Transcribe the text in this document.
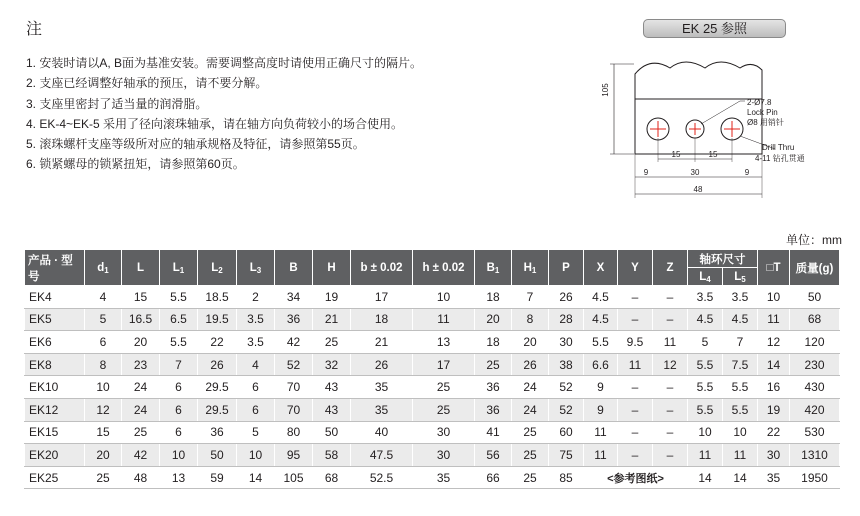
注
1. 安装时请以A, B面为基准安装。需要调整高度时请使用正确尺寸的隔片。
2. 支座已经调整好轴承的预压，请不要分解。
3. 支座里密封了适当量的润滑脂。
4. EK-4~EK-5 采用了径向滚珠轴承，请在轴方向负荷较小的场合使用。
5. 滚珠螺杆支座等级所对应的轴承规格及特征，请参照第55页。
6. 锁紧螺母的锁紧扭矩，请参照第60页。
EK 25 参照
105
2-Ø7.8
Lock Pin
Ø8 用销针
Drill Thru
4-11 钻孔贯通
15	15
9	30	9
48
单位：mm
产品 · 型号	$d_1$	L	$L_1$	$L_2$	$L_3$	B	H	b ± 0.02	h ± 0.02	$B_1$	$H_1$	P	X	Y	Z	轴环尺寸		□T	质量(g)
																$L_4$	$L_5$
EK4	4	15	5.5	18.5	2	34	19	17	10	18	7	26	4.5	–	–	3.5	3.5	10	50
EK5	5	16.5	6.5	19.5	3.5	36	21	18	11	20	8	28	4.5	–	–	4.5	4.5	11	68
EK6	6	20	5.5	22	3.5	42	25	21	13	18	20	30	5.5	9.5	11	5	7	12	120
EK8	8	23	7	26	4	52	32	26	17	25	26	38	6.6	11	12	5.5	7.5	14	230
EK10	10	24	6	29.5	6	70	43	35	25	36	24	52	9	–	–	5.5	5.5	16	430
EK12	12	24	6	29.5	6	70	43	35	25	36	24	52	9	–	–	5.5	5.5	19	420
EK15	15	25	6	36	5	80	50	40	30	41	25	60	11	–	–	10	10	22	530
EK20	20	42	10	50	10	95	58	47.5	30	56	25	75	11	–	–	11	11	30	1310
EK25	25	48	13	59	14	105	68	52.5	35	66	25	85	<参考图纸>			14	14	35	1950
